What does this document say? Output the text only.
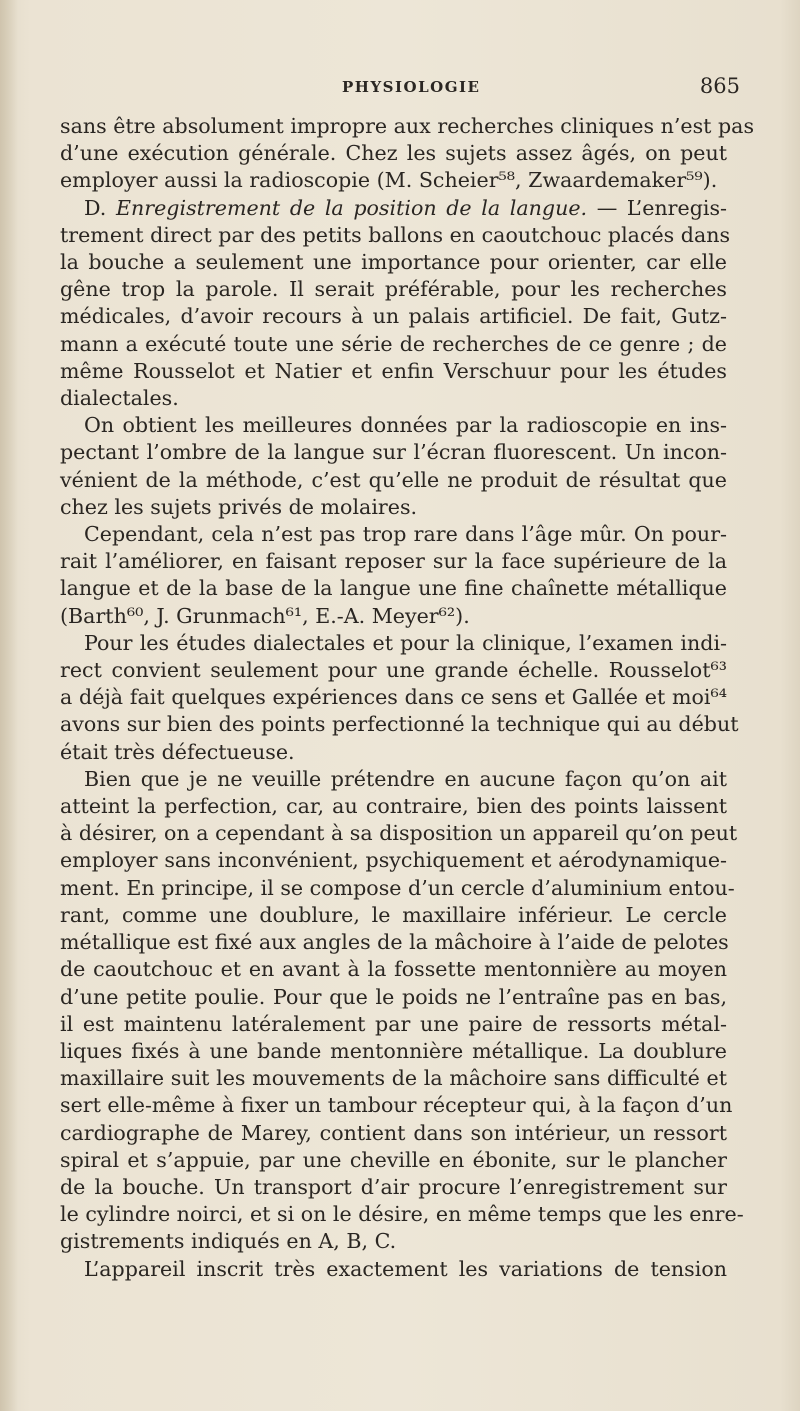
PHYSIOLOGIE	865
sans être absolument impropre aux recherches cliniques n’est pas
d’une exécution générale. Chez les sujets assez âgés, on peut
employer aussi la radioscopie (M. Scheier⁵⁸, Zwaardemaker⁵⁹).
D. Enregistrement de la position de la langue. — L’enregis-
trement direct par des petits ballons en caoutchouc placés dans
la bouche a seulement une importance pour orienter, car elle
gêne trop la parole. Il serait préférable, pour les recherches
médicales, d’avoir recours à un palais artificiel. De fait, Gutz-
mann a exécuté toute une série de recherches de ce genre ; de
même Rousselot et Natier et enfin Verschuur pour les études
dialectales.
On obtient les meilleures données par la radioscopie en ins-
pectant l’ombre de la langue sur l’écran fluorescent. Un incon-
vénient de la méthode, c’est qu’elle ne produit de résultat que
chez les sujets privés de molaires.
Cependant, cela n’est pas trop rare dans l’âge mûr. On pour-
rait l’améliorer, en faisant reposer sur la face supérieure de la
langue et de la base de la langue une fine chaînette métallique
(Barth⁶⁰, J. Grunmach⁶¹, E.-A. Meyer⁶²).
Pour les études dialectales et pour la clinique, l’examen indi-
rect convient seulement pour une grande échelle. Rousselot⁶³
a déjà fait quelques expériences dans ce sens et Gallée et moi⁶⁴
avons sur bien des points perfectionné la technique qui au début
était très défectueuse.
Bien que je ne veuille prétendre en aucune façon qu’on ait
atteint la perfection, car, au contraire, bien des points laissent
à désirer, on a cependant à sa disposition un appareil qu’on peut
employer sans inconvénient, psychiquement et aérodynamique-
ment. En principe, il se compose d’un cercle d’aluminium entou-
rant, comme une doublure, le maxillaire inférieur. Le cercle
métallique est fixé aux angles de la mâchoire à l’aide de pelotes
de caoutchouc et en avant à la fossette mentonnière au moyen
d’une petite poulie. Pour que le poids ne l’entraîne pas en bas,
il est maintenu latéralement par une paire de ressorts métal-
liques fixés à une bande mentonnière métallique. La doublure
maxillaire suit les mouvements de la mâchoire sans difficulté et
sert elle-même à fixer un tambour récepteur qui, à la façon d’un
cardiographe de Marey, contient dans son intérieur, un ressort
spiral et s’appuie, par une cheville en ébonite, sur le plancher
de la bouche. Un transport d’air procure l’enregistrement sur
le cylindre noirci, et si on le désire, en même temps que les enre-
gistrements indiqués en A, B, C.
L’appareil inscrit très exactement les variations de tension
